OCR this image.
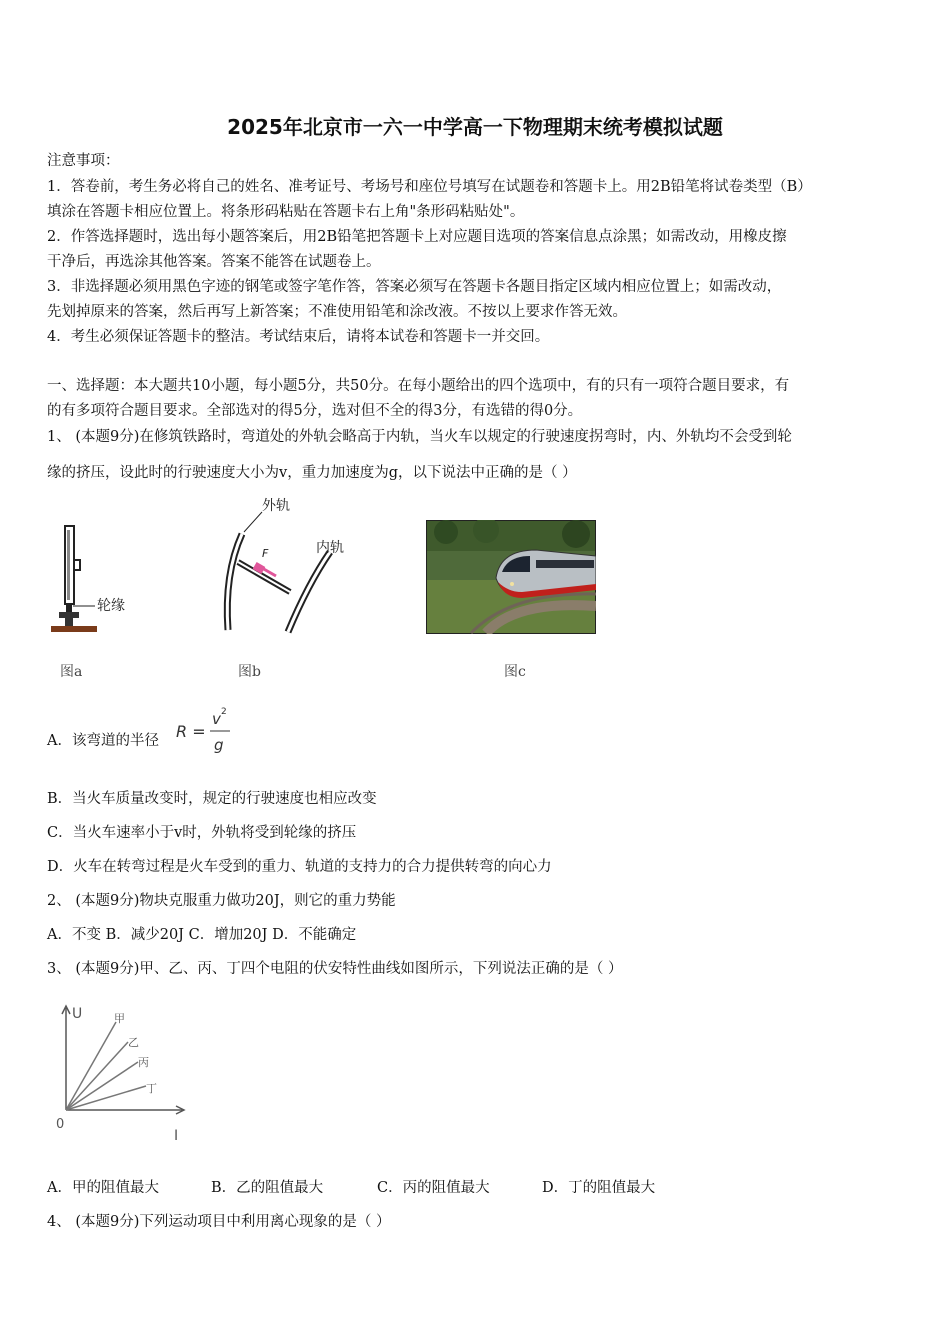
2025年北京市一六一中学高一下物理期末统考模拟试题
注意事项：
1．答卷前，考生务必将自己的姓名、准考证号、考场号和座位号填写在试题卷和答题卡上。用2B铅笔将试卷类型（B）
填涂在答题卡相应位置上。将条形码粘贴在答题卡右上角"条形码粘贴处"。
2．作答选择题时，选出每小题答案后，用2B铅笔把答题卡上对应题目选项的答案信息点涂黑；如需改动，用橡皮擦
干净后，再选涂其他答案。答案不能答在试题卷上。
3．非选择题必须用黑色字迹的钢笔或签字笔作答，答案必须写在答题卡各题目指定区域内相应位置上；如需改动，
先划掉原来的答案，然后再写上新答案；不准使用铅笔和涂改液。不按以上要求作答无效。
4．考生必须保证答题卡的整洁。考试结束后，请将本试卷和答题卡一并交回。
一、选择题：本大题共10小题，每小题5分，共50分。在每小题给出的四个选项中，有的只有一项符合题目要求，有
的有多项符合题目要求。全部选对的得5分，选对但不全的得3分，有选错的得0分。
1、 (本题9分)在修筑铁路时，弯道处的外轨会略高于内轨，当火车以规定的行驶速度拐弯时，内、外轨均不会受到轮
缘的挤压，设此时的行驶速度大小为v，重力加速度为g，以下说法中正确的是（ ）
轮缘
图a
外轨
内轨
F
图b	图c
A．该弯道的半径 R =
v 2
g
B．当火车质量改变时，规定的行驶速度也相应改变
C．当火车速率小于v时，外轨将受到轮缘的挤压
D．火车在转弯过程是火车受到的重力、轨道的支持力的合力提供转弯的向心力
2、 (本题9分)物块克服重力做功20J，则它的重力势能
A．不变 B．减少20J C．增加20J D．不能确定
3、 (本题9分)甲、乙、丙、丁四个电阻的伏安特性曲线如图所示，下列说法正确的是（ ）
U
I
0
甲
乙
丙
丁
A．甲的阻值最大	B．乙的阻值最大	C．丙的阻值最大	D．丁的阻值最大
4、 (本题9分)下列运动项目中利用离心现象的是（ ）
